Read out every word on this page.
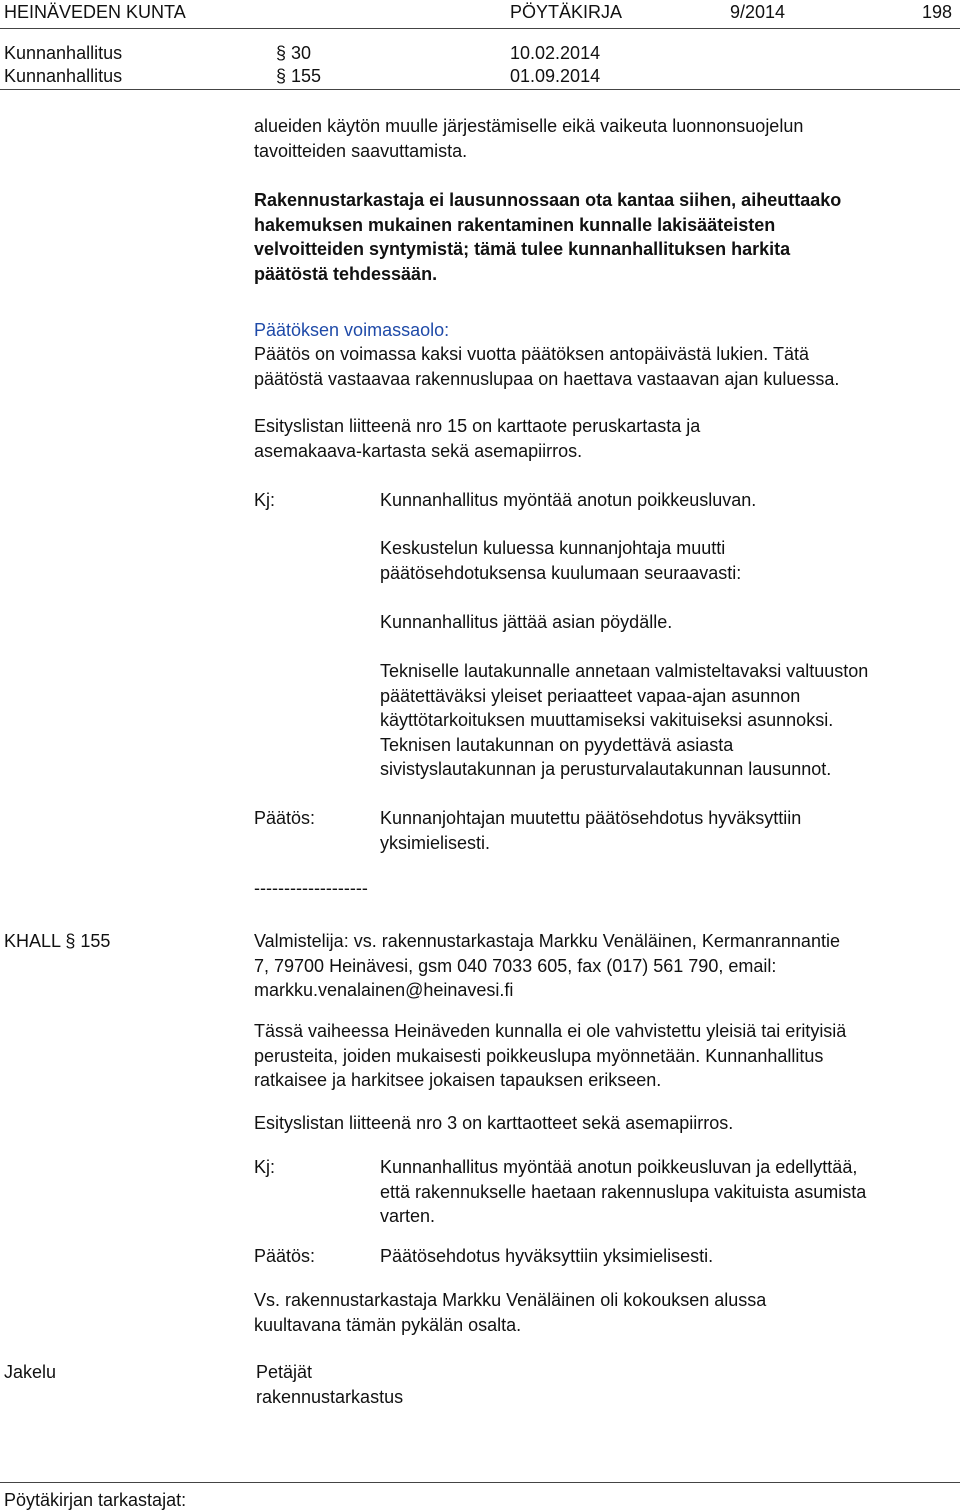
HEINÄVEDEN KUNTA	PÖYTÄKIRJA	9/2014	198
Kunnanhallitus	§ 30	10.02.2014
Kunnanhallitus	§ 155	01.09.2014
alueiden käytön muulle järjestämiselle eikä vaikeuta luonnonsuojelun
tavoitteiden saavuttamista.
Rakennustarkastaja ei lausunnossaan ota kantaa siihen, aiheuttaako
hakemuksen mukainen rakentaminen kunnalle lakisääteisten
velvoitteiden syntymistä; tämä tulee kunnanhallituksen harkita
päätöstä tehdessään.
Päätöksen voimassaolo:
Päätös on voimassa kaksi vuotta päätöksen antopäivästä lukien. Tätä
päätöstä vastaavaa rakennuslupaa on haettava vastaavan ajan kuluessa.
Esityslistan liitteenä nro 15 on karttaote peruskartasta ja
asemakaava-kartasta sekä asemapiirros.
Kj:	Kunnanhallitus myöntää anotun poikkeusluvan.
Keskustelun kuluessa kunnanjohtaja muutti
päätösehdotuksensa kuulumaan seuraavasti:
Kunnanhallitus jättää asian pöydälle.
Tekniselle lautakunnalle annetaan valmisteltavaksi valtuuston
päätettäväksi yleiset periaatteet vapaa-ajan asunnon
käyttötarkoituksen muuttamiseksi vakituiseksi asunnoksi.
Teknisen lautakunnan on pyydettävä asiasta
sivistyslautakunnan ja perusturvalautakunnan lausunnot.
Päätös:	Kunnanjohtajan muutettu päätösehdotus hyväksyttiin
yksimielisesti.
-------------------
KHALL § 155	Valmistelija: vs. rakennustarkastaja Markku Venäläinen, Kermanrannantie
7, 79700 Heinävesi, gsm 040 7033 605, fax (017) 561 790, email:
markku.venalainen@heinavesi.fi
Tässä vaiheessa Heinäveden kunnalla ei ole vahvistettu yleisiä tai erityisiä
perusteita, joiden mukaisesti poikkeuslupa myönnetään. Kunnanhallitus
ratkaisee ja harkitsee jokaisen tapauksen erikseen.
Esityslistan liitteenä nro 3 on karttaotteet sekä asemapiirros.
Kj:	Kunnanhallitus myöntää anotun poikkeusluvan ja edellyttää,
että rakennukselle haetaan rakennuslupa vakituista asumista
varten.
Päätös:	Päätösehdotus hyväksyttiin yksimielisesti.
Vs. rakennustarkastaja Markku Venäläinen oli kokouksen alussa
kuultavana tämän pykälän osalta.
Jakelu	Petäjät
rakennustarkastus
Pöytäkirjan tarkastajat:
